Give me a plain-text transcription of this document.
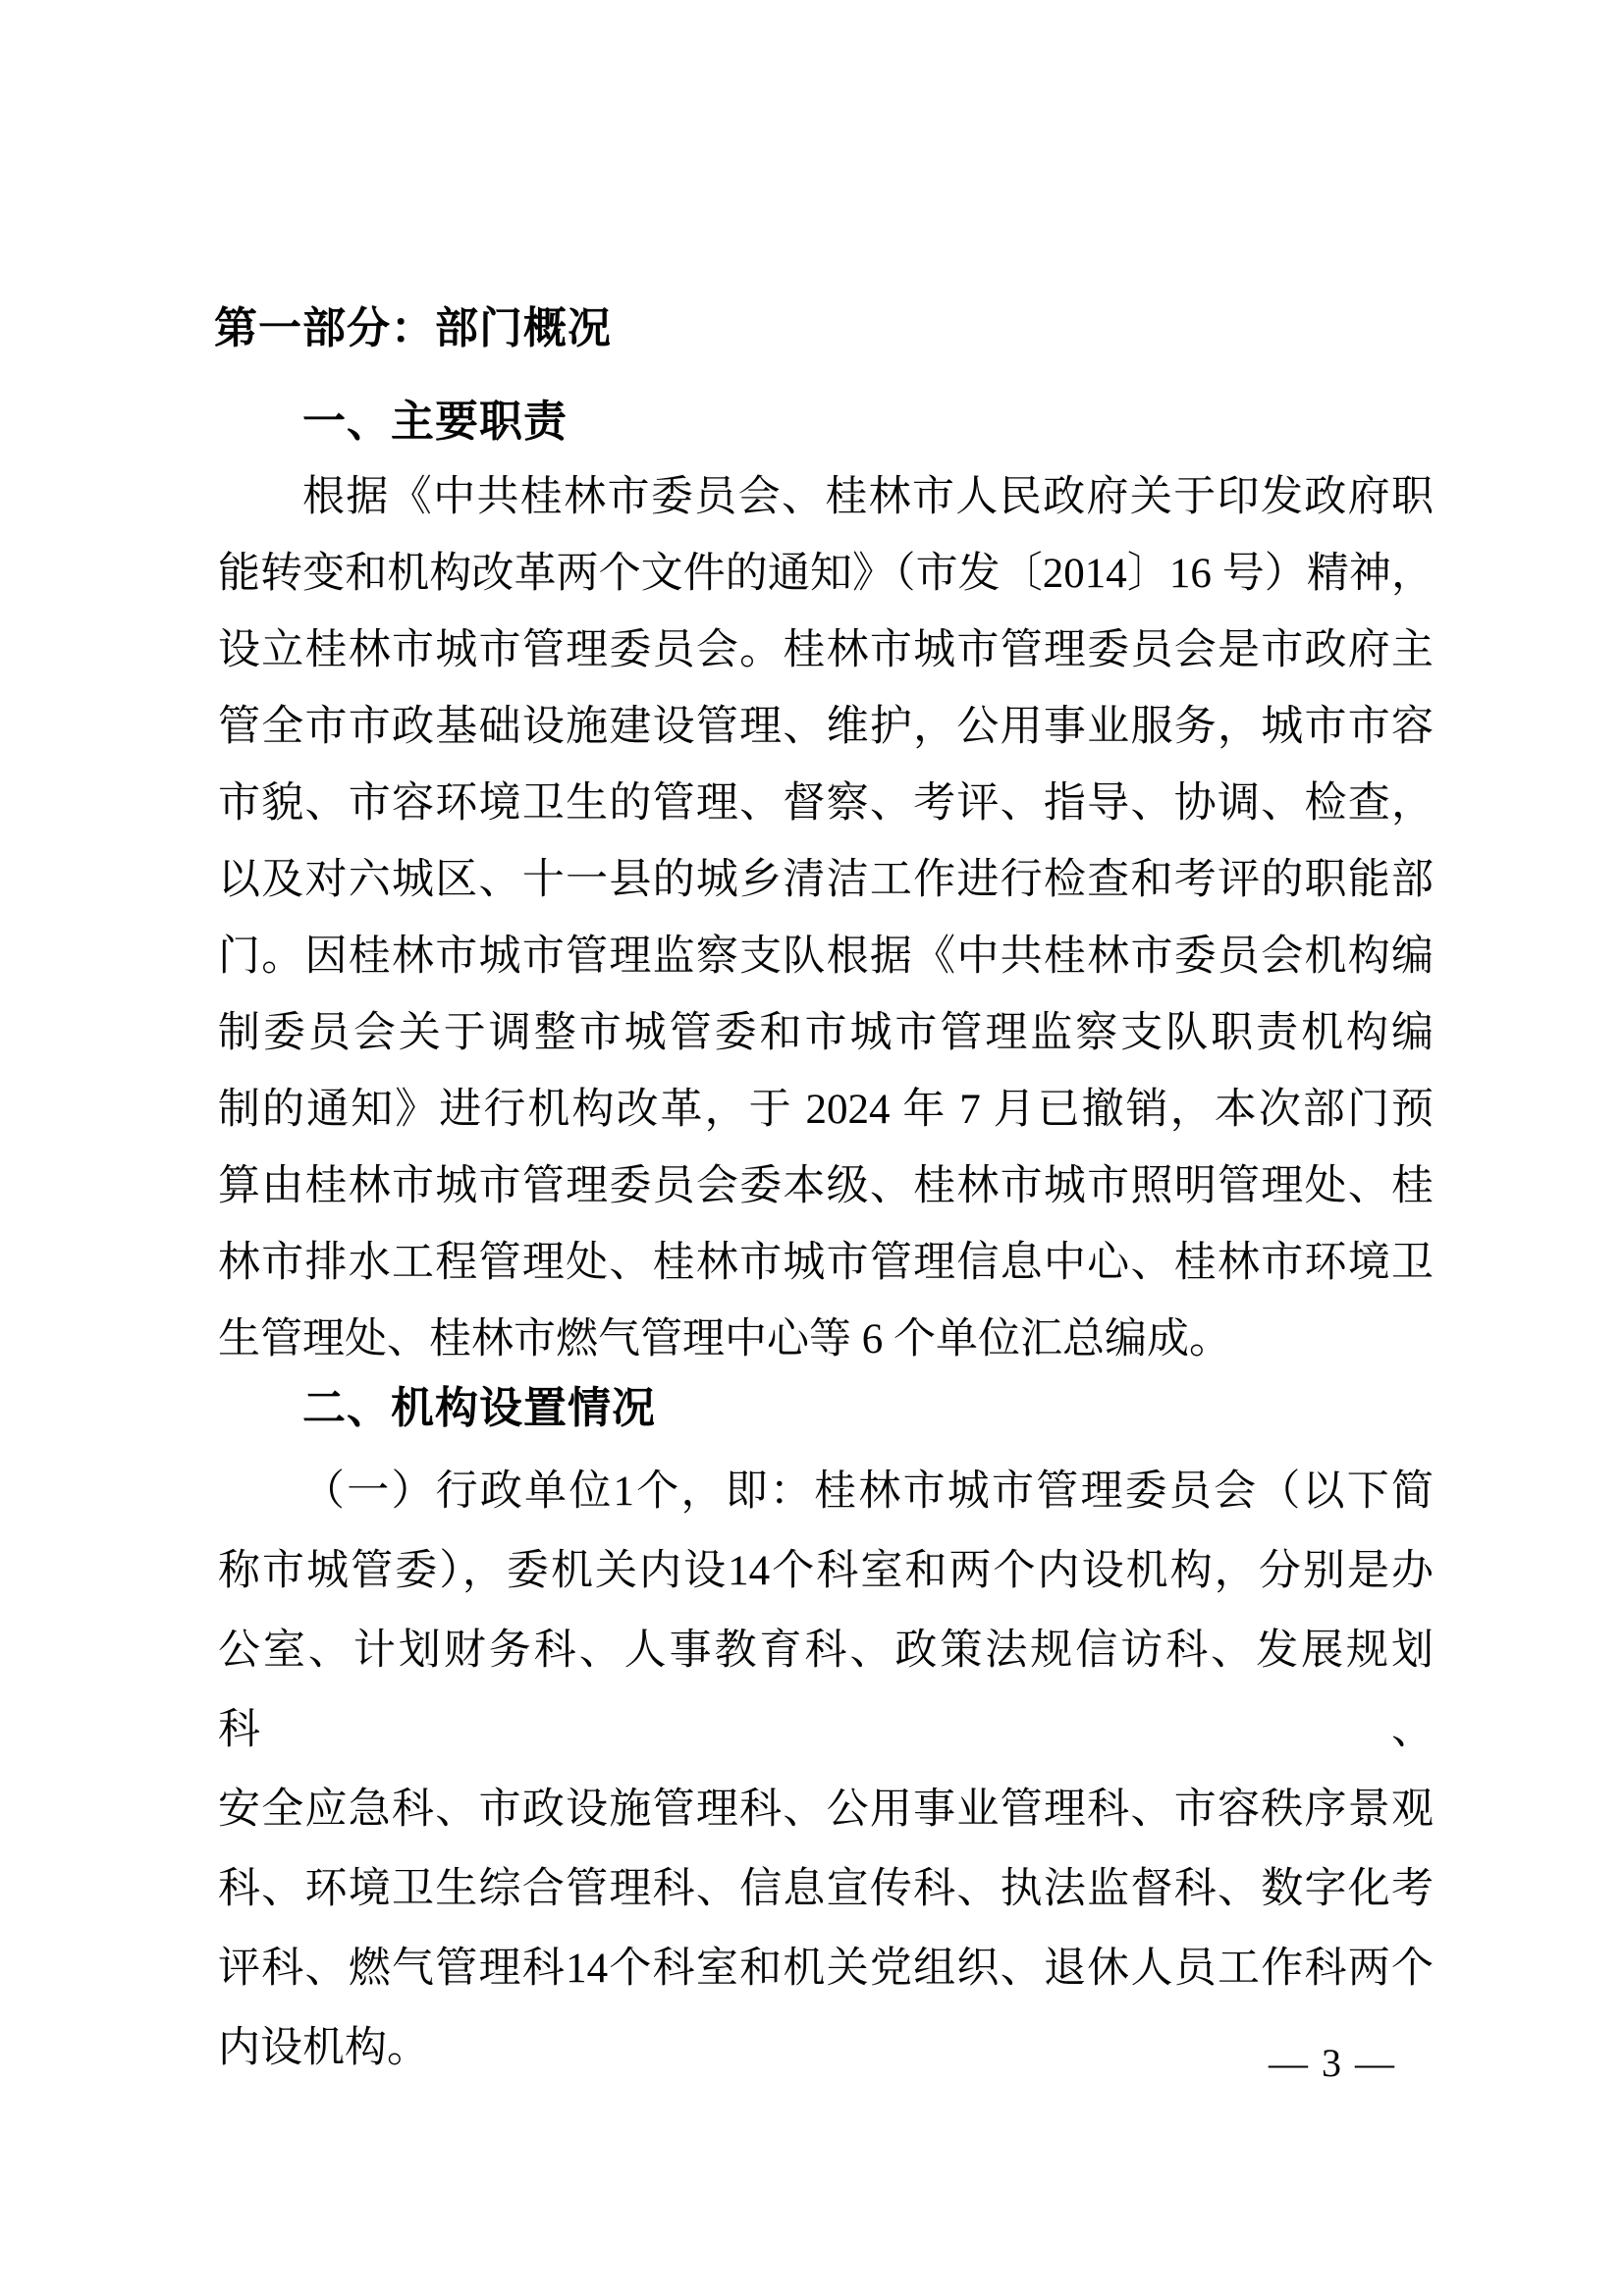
第一部分：部门概况
一、主要职责
根据《中共桂林市委员会、桂林市人民政府关于印发政府职
能转变和机构改革两个文件的通知》（市发〔2014〕16 号）精神，
设立桂林市城市管理委员会。桂林市城市管理委员会是市政府主
管全市市政基础设施建设管理、维护，公用事业服务，城市市容
市貌、市容环境卫生的管理、督察、考评、指导、协调、检查，
以及对六城区、十一县的城乡清洁工作进行检查和考评的职能部
门。因桂林市城市管理监察支队根据《中共桂林市委员会机构编
制委员会关于调整市城管委和市城市管理监察支队职责机构编
制的通知》进行机构改革，于 2024 年 7 月已撤销，本次部门预
算由桂林市城市管理委员会委本级、桂林市城市照明管理处、桂
林市排水工程管理处、桂林市城市管理信息中心、桂林市环境卫
生管理处、桂林市燃气管理中心等 6 个单位汇总编成。
二、机构设置情况
（一）行政单位1个，即：桂林市城市管理委员会（以下简
称市城管委），委机关内设14个科室和两个内设机构，分别是办
公室、计划财务科、人事教育科、政策法规信访科、发展规划科、
安全应急科、市政设施管理科、公用事业管理科、市容秩序景观
科、环境卫生综合管理科、信息宣传科、执法监督科、数字化考
评科、燃气管理科14个科室和机关党组织、退休人员工作科两个
内设机构。	— 3 —
